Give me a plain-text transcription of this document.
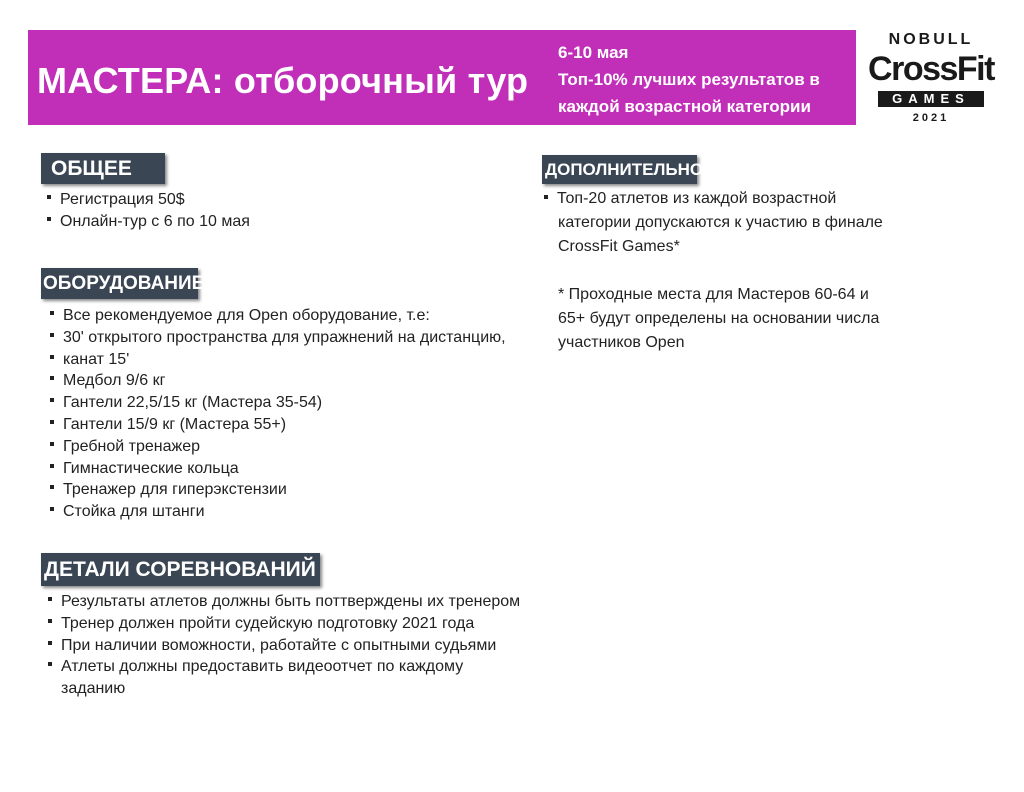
МАСТЕРА: отборочный тур
6-10 мая
Топ-10% лучших результатов в
каждой возрастной категории
NOBULL
CrossFit
GAMES
2021
ОБЩЕЕ
Регистрация 50$
Онлайн-тур с 6 по 10 мая
ОБОРУДОВАНИЕ
Все рекомендуемое для Open оборудование, т.е:
30' открытого пространства для упражнений на дистанцию,
канат 15'
Медбол 9/6 кг
Гантели 22,5/15 кг (Мастера 35-54)
Гантели 15/9 кг (Мастера 55+)
Гребной тренажер
Гимнастические кольца
Тренажер для гиперэкстензии
Стойка для штанги
ДЕТАЛИ СОРЕВНОВАНИЙ
Результаты атлетов должны быть поттверждены их тренером
Тренер должен пройти судейскую подготовку 2021 года
При наличии воможности, работайте с опытными судьями
Атлеты должны предоставить видеоотчет по каждому заданию
ДОПОЛНИТЕЛЬНО
Топ-20 атлетов из каждой возрастной
категории допускаются к участию в финале
CrossFit Games*
* Проходные места для Мастеров 60-64 и
65+ будут определены на основании числа
участников Open
